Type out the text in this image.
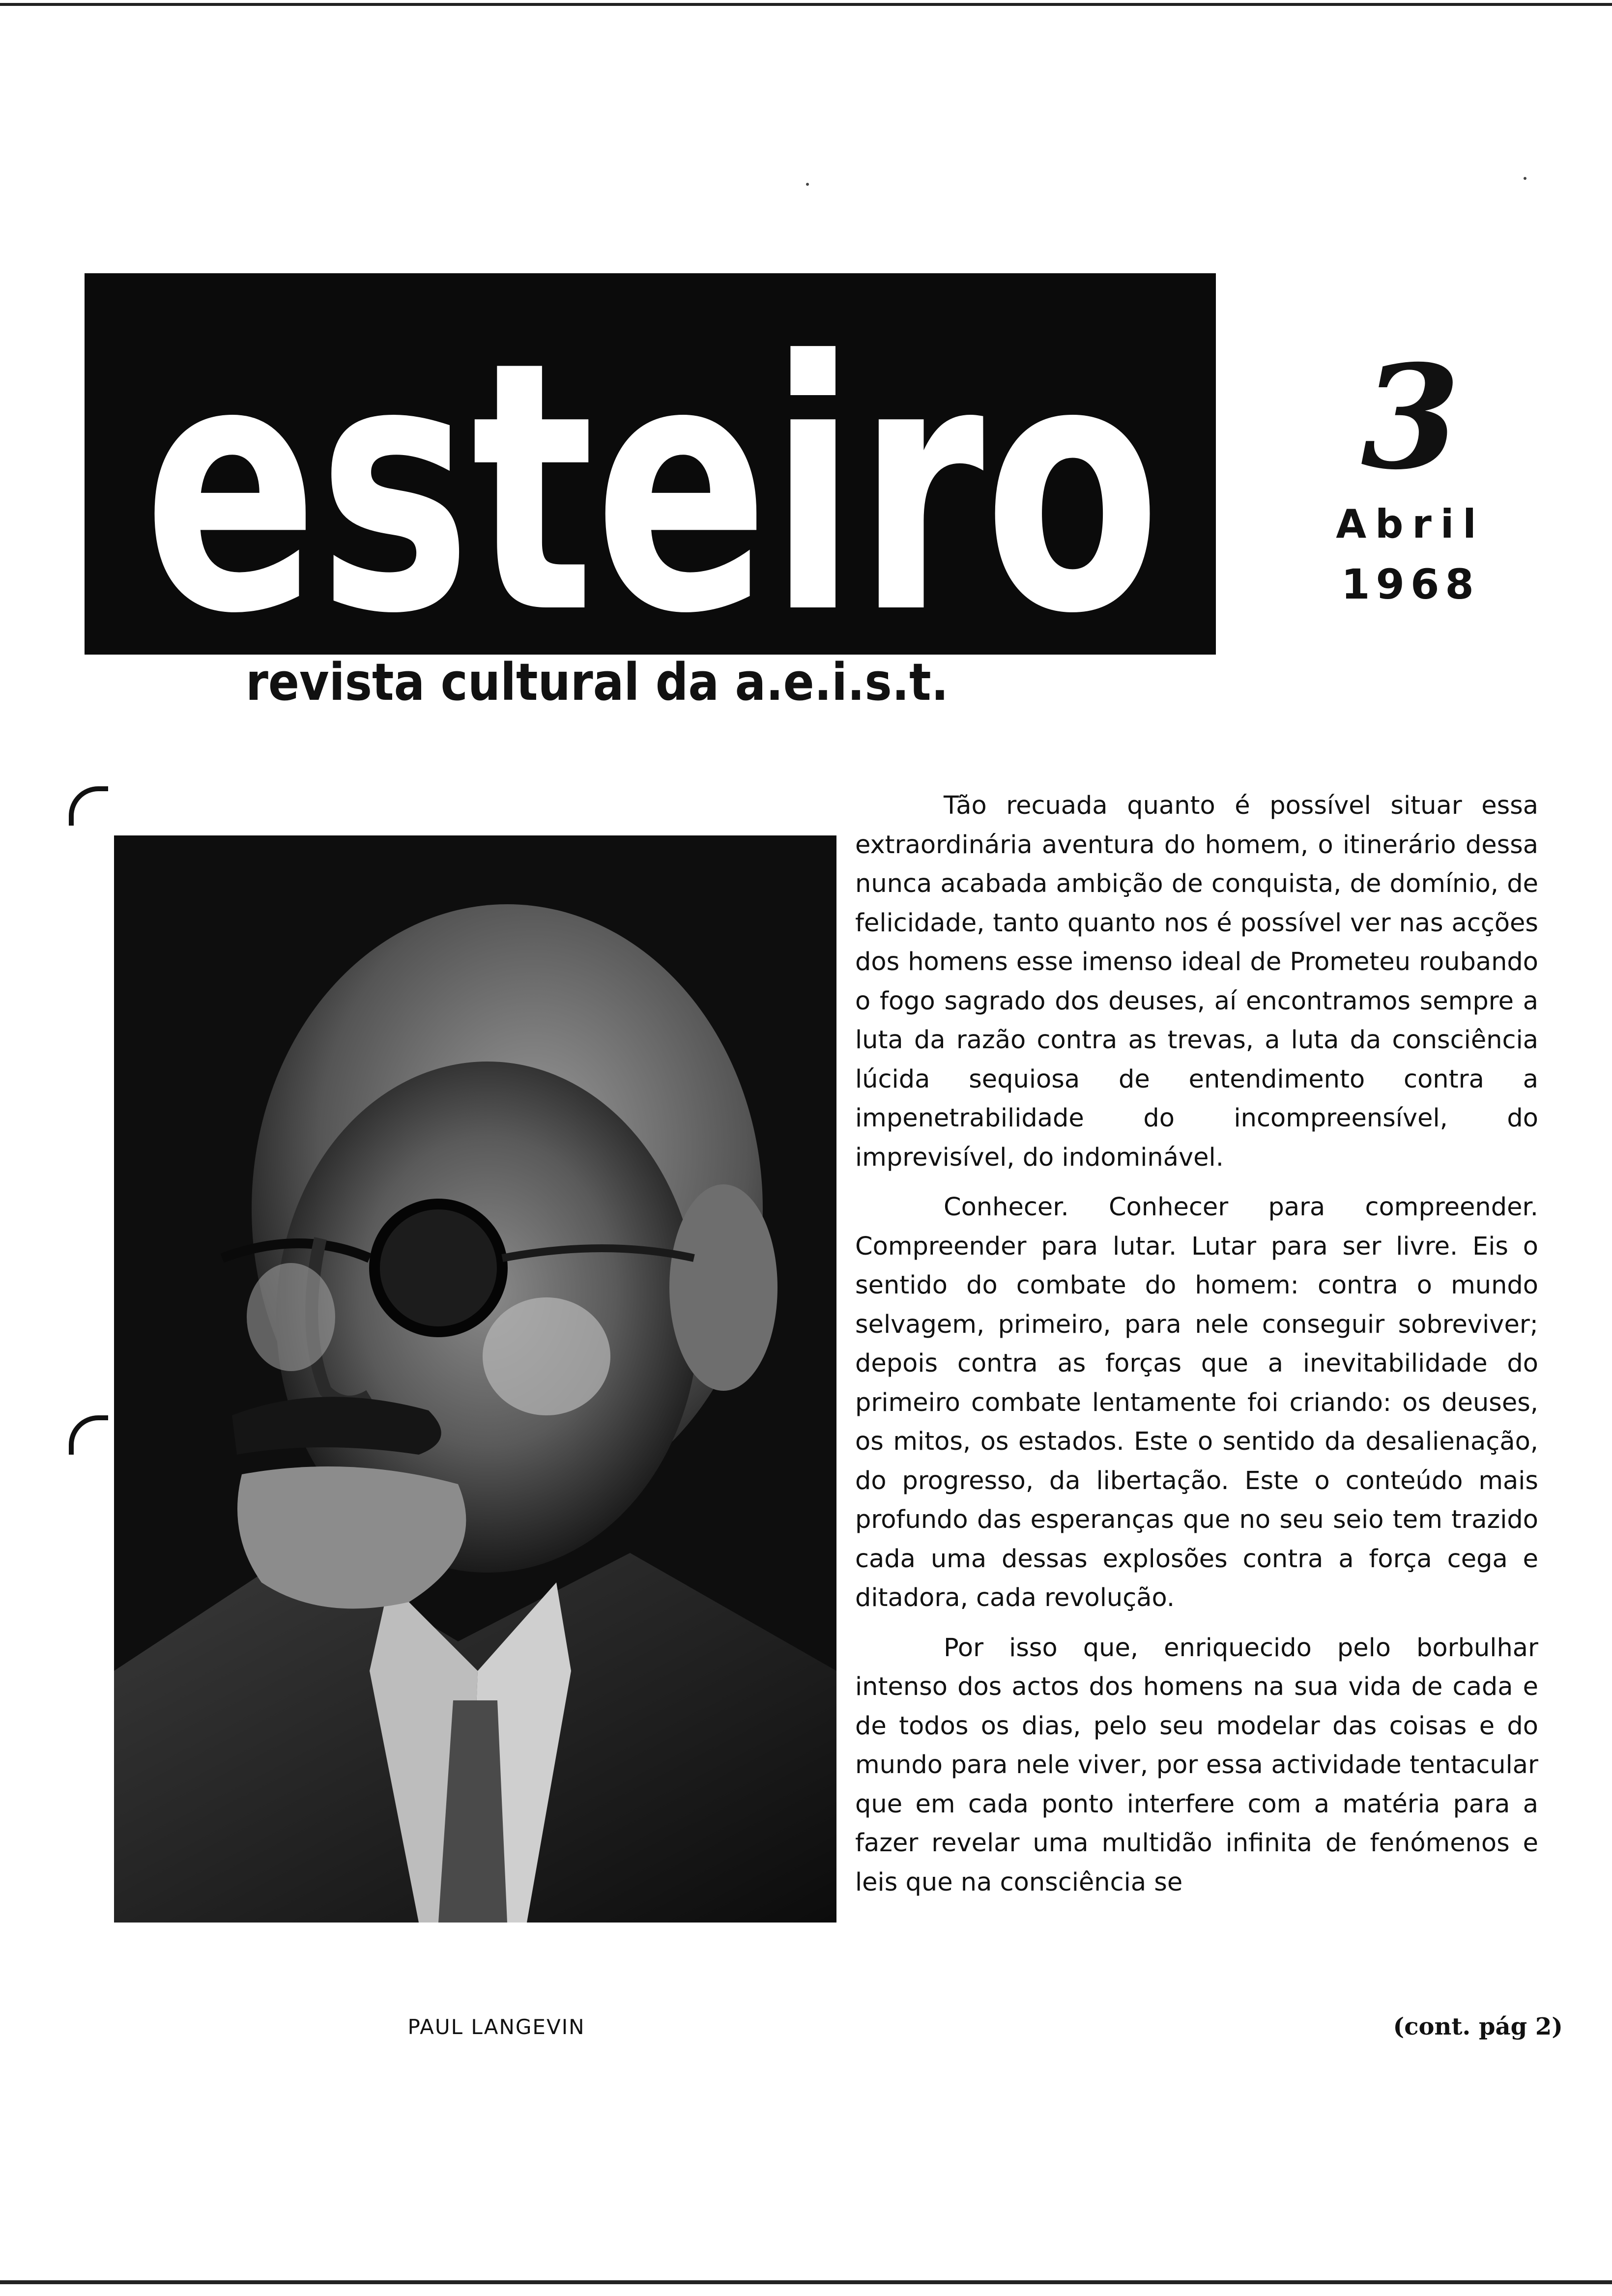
esteiro
revista cultural da a.e.i.s.t.
3
Abril
1968
PAUL LANGEVIN

Tão recuada quanto é possível situar essa extraordinária aventura do homem, o itinerário dessa nunca acabada ambição de conquista, de domínio, de felicidade, tanto quanto nos é possível ver nas acções dos homens esse imenso ideal de Prometeu roubando o fogo sagrado dos deuses, aí encontramos sempre a luta da razão contra as trevas, a luta da consciência lúcida sequiosa de entendimento contra a impenetrabilidade do incompreensível, do imprevisível, do indominável.

Conhecer. Conhecer para compreender. Compreender para lutar. Lutar para ser livre. Eis o sentido do combate do homem: contra o mundo selvagem, primeiro, para nele conseguir sobreviver; depois contra as forças que a inevitabilidade do primeiro combate lentamente foi criando: os deuses, os mitos, os estados. Este o sentido da desalienação, do progresso, da libertação. Este o conteúdo mais profundo das esperanças que no seu seio tem trazido cada uma dessas explosões contra a força cega e ditadora, cada revolução.

Por isso que, enriquecido pelo borbulhar intenso dos actos dos homens na sua vida de cada e de todos os dias, pelo seu modelar das coisas e do mundo para nele viver, por essa actividade tentacular que em cada ponto interfere com a matéria para a fazer revelar uma multidão infinita de fenómenos e leis que na consciência se

(cont. pág 2)
